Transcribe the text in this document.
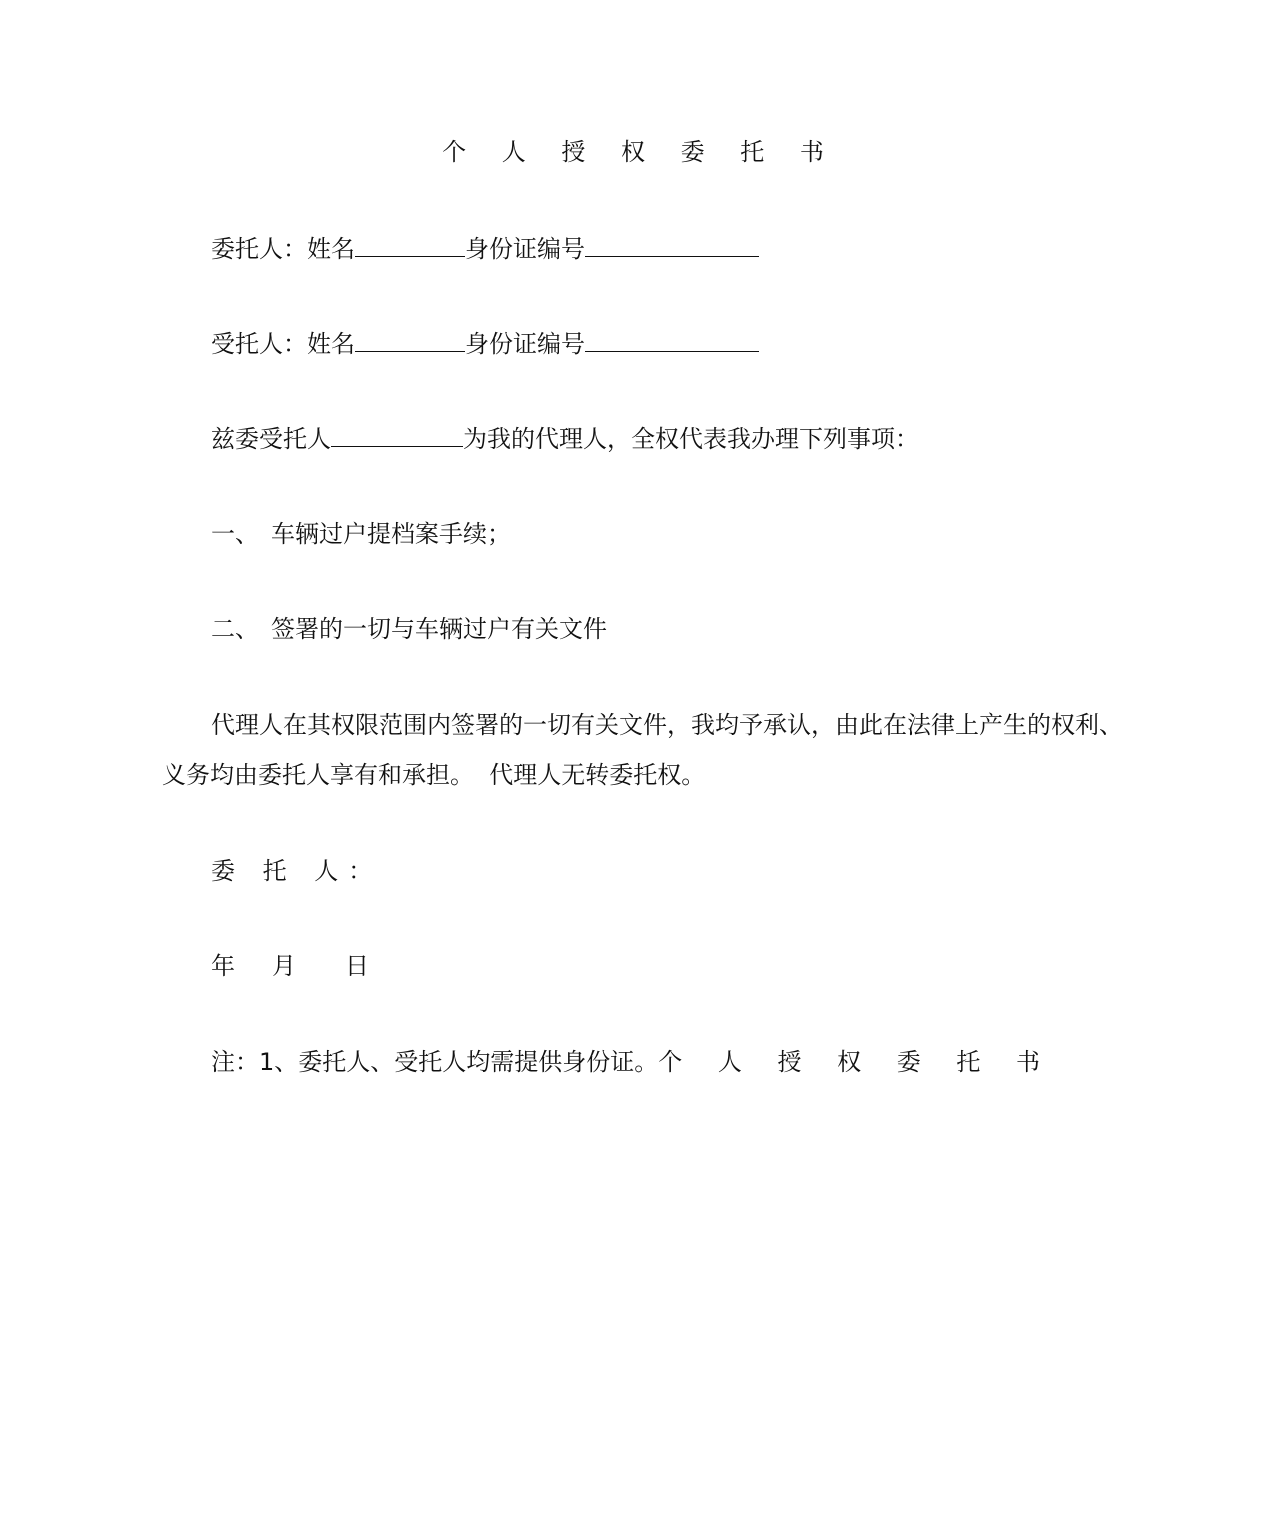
个 人 授 权 委 托 书
委托人：姓名	身份证编号
受托人：姓名	身份证编号
兹委受托人	为我的代理人，全权代表我办理下列事项：
一、 车辆过户提档案手续；
二、 签署的一切与车辆过户有关文件
代理人在其权限范围内签署的一切有关文件，我均予承认，由此在法律上产生的权利、
义务均由委托人享有和承担。  代理人无转委托权。
委 托 人：
年 月 日
注：1、委托人、受托人均需提供身份证。个 人 授 权 委 托 书
